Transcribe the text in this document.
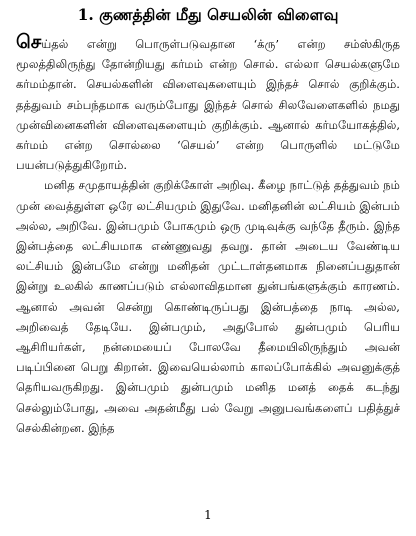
1. குணத்தின் மீது செயலின் விளைவு

செய்தல் என்று பொருள்படுவதான ‘க்ரு’ என்ற சம்ஸ்கிருத மூலத்திலிருந்து தோன்றியது கர்மம் என்ற சொல். எல்லா செயல்களுமே கர்மம்தான். செயல்களின் விளைவுகளையும் இந்தச் சொல் குறிக்கும். தத்துவம் சம்பந்தமாக வரும்போது இந்தச் சொல் சிலவேளைகளில் நமது முன்வினைகளின் விளைவுகளையும் குறிக்கும். ஆனால் கர்மயோகத்தில், கர்மம் என்ற சொல்லை ‘செயல்’ என்ற பொருளில் மட்டுமே பயன்படுத்துகிறோம்.

மனித சமுதாயத்தின் குறிக்கோள் அறிவு. கீழை நாட்டுத் தத்துவம் நம் முன் வைத்துள்ள ஒரே லட்சியமும் இதுவே. மனிதனின் லட்சியம் இன்பம் அல்ல, அறிவே. இன்பமும் போகமும் ஒரு முடிவுக்கு வந்தே தீரும். இந்த இன்பத்தை லட்சியமாக எண்ணுவது தவறு. தான் அடைய வேண்டிய லட்சியம் இன்பமே என்று மனிதன் முட்டாள்தனமாக நினைப்பதுதான் இன்று உலகில் காணப்படும் எல்லாவிதமான துன்பங்களுக்கும் காரணம். ஆனால் அவன் சென்று கொண்டிருப்பது இன்பத்தை நாடி அல்ல, அறிவைத் தேடியே. இன்பமும், அதுபோல் துன்பமும் பெரிய ஆசிரியர்கள், நன்மையைப் போலவே தீமையிலிருந்தும் அவன் படிப்பினை பெறு கிறான். இவையெல்லாம் காலப்போக்கில் அவனுக்குத் தெரியவருகிறது. இன்பமும் துன்பமும் மனித மனத் தைக் கடந்து செல்லும்போது, அவை அதன்மீது பல் வேறு அனுபவங்களைப் பதித்துச் செல்கின்றன. இந்த

1
